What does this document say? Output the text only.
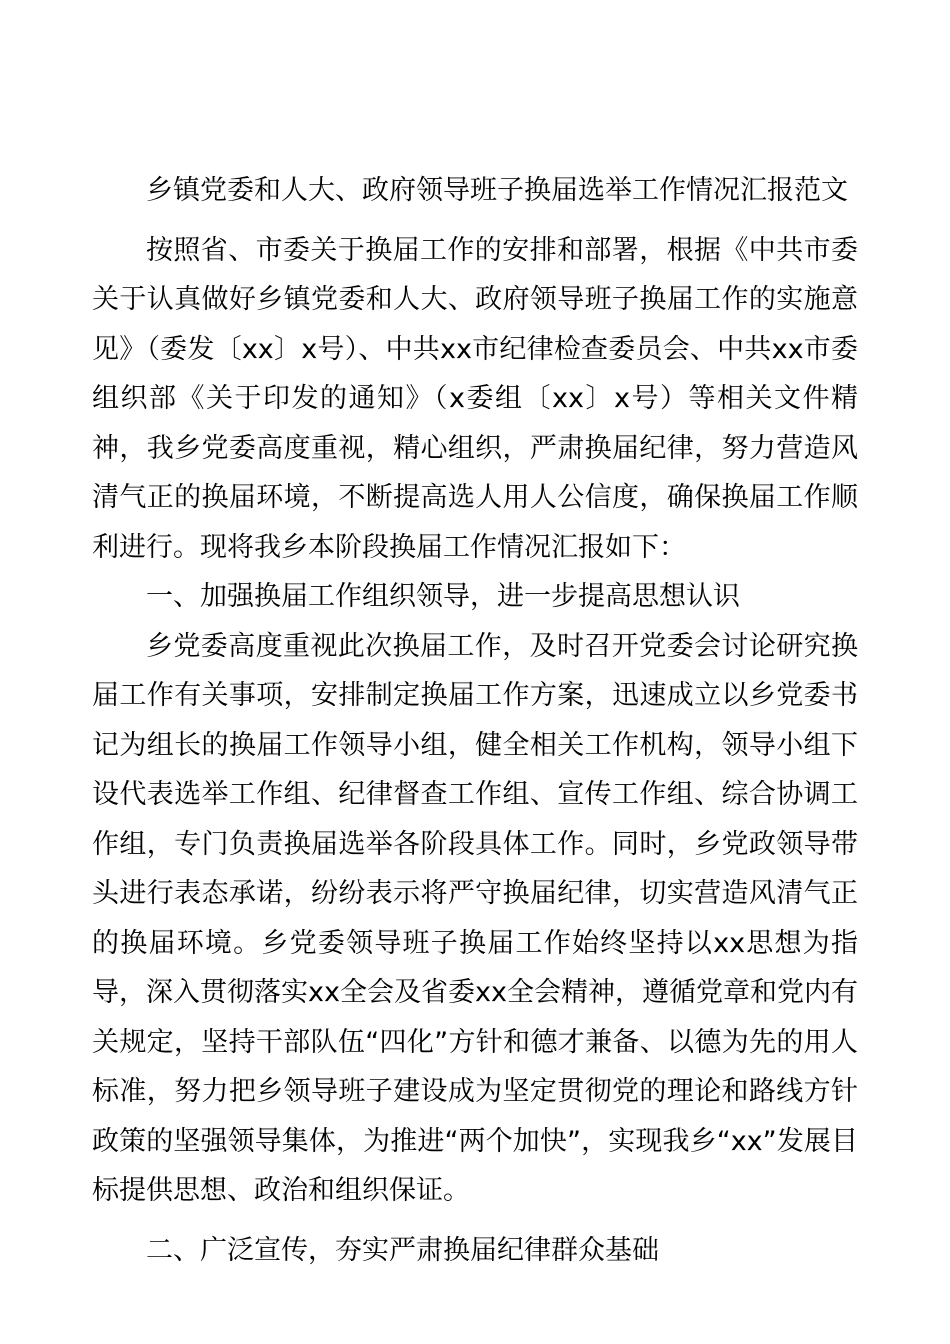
乡镇党委和人大、政府领导班子换届选举工作情况汇报范文

按照省、市委关于换届工作的安排和部署，根据《中共市委关于认真做好乡镇党委和人大、政府领导班子换届工作的实施意见》（委发〔xx〕x号）、中共xx市纪律检查委员会、中共xx市委组织部《关于印发的通知》（x委组〔xx〕x号）等相关文件精神，我乡党委高度重视，精心组织，严肃换届纪律，努力营造风清气正的换届环境，不断提高选人用人公信度，确保换届工作顺利进行。现将我乡本阶段换届工作情况汇报如下：

一、加强换届工作组织领导，进一步提高思想认识

乡党委高度重视此次换届工作，及时召开党委会讨论研究换届工作有关事项，安排制定换届工作方案，迅速成立以乡党委书记为组长的换届工作领导小组，健全相关工作机构，领导小组下设代表选举工作组、纪律督查工作组、宣传工作组、综合协调工作组，专门负责换届选举各阶段具体工作。同时，乡党政领导带头进行表态承诺，纷纷表示将严守换届纪律，切实营造风清气正的换届环境。乡党委领导班子换届工作始终坚持以xx思想为指导，深入贯彻落实xx全会及省委xx全会精神，遵循党章和党内有关规定，坚持干部队伍“四化”方针和德才兼备、以德为先的用人标准，努力把乡领导班子建设成为坚定贯彻党的理论和路线方针政策的坚强领导集体，为推进“两个加快”，实现我乡“xx”发展目标提供思想、政治和组织保证。

二、广泛宣传，夯实严肃换届纪律群众基础
